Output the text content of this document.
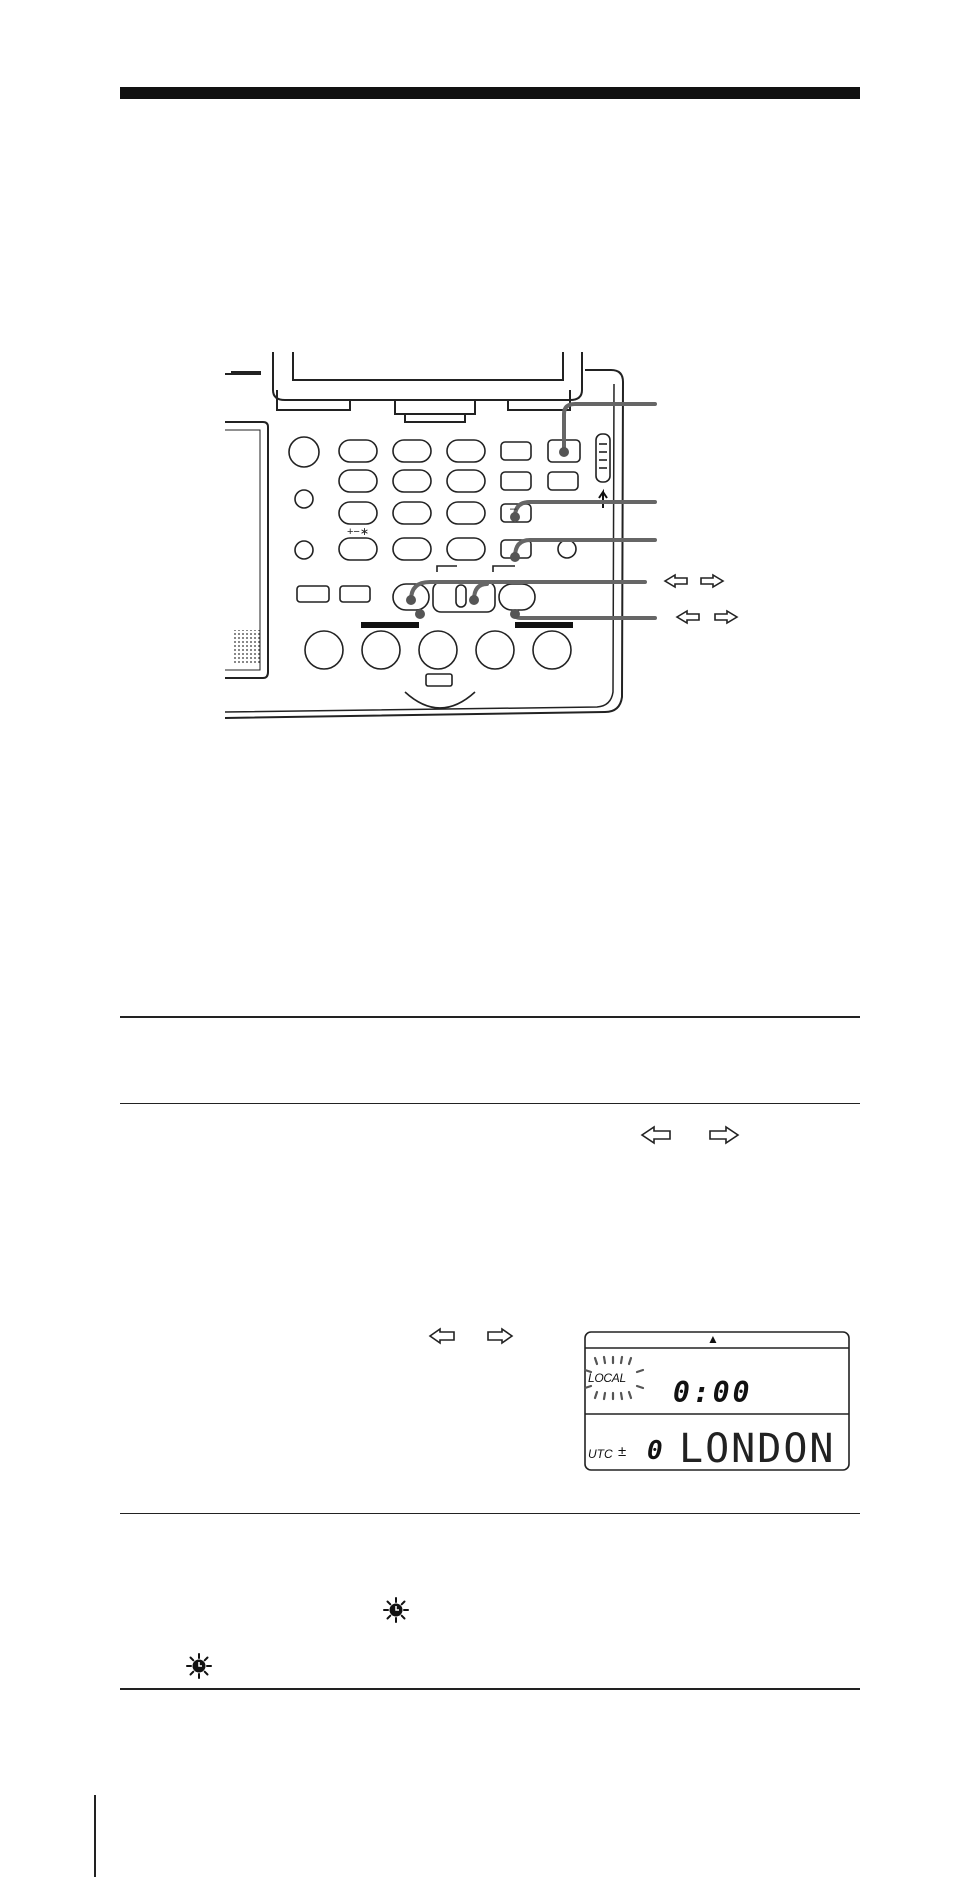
–
+−∗
▲
LOCAL 0:00
UTC ± 0 LONDON
